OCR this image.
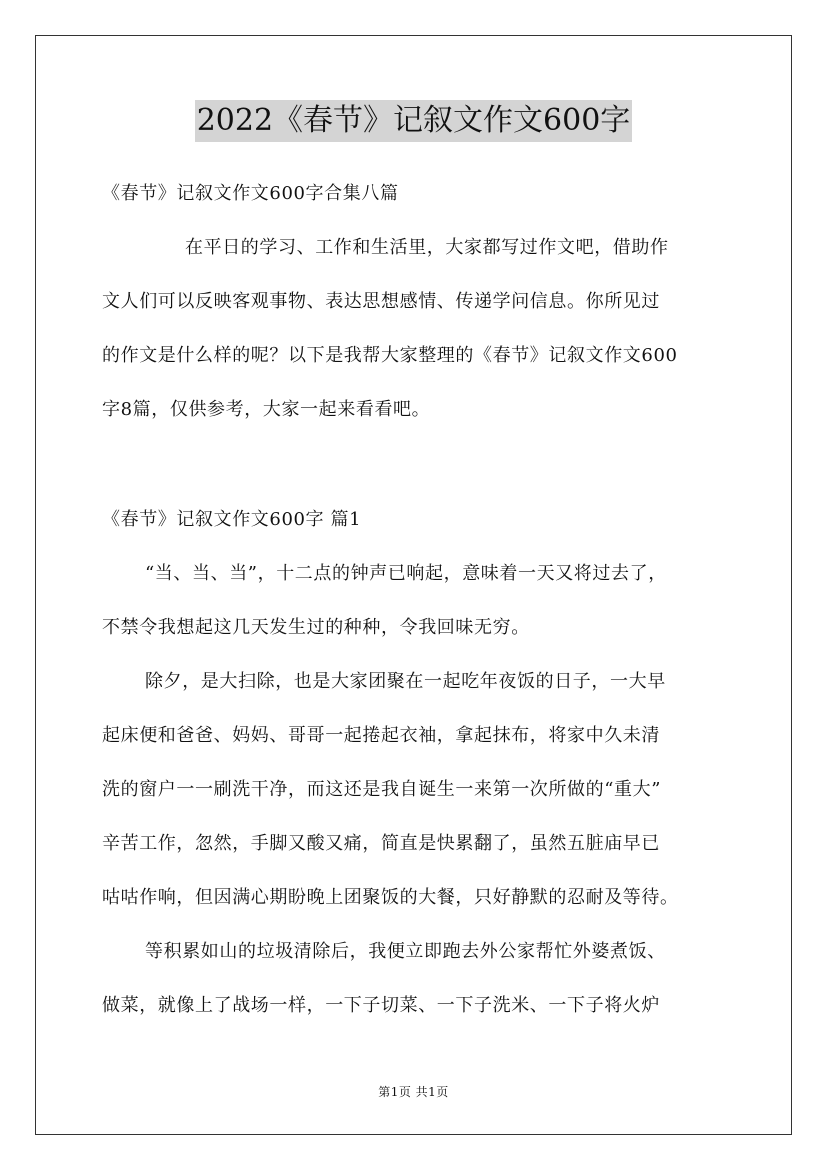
2022《春节》记叙文作文600字
《春节》记叙文作文600字合集八篇
在平日的学习、工作和生活里，大家都写过作文吧，借助作
文人们可以反映客观事物、表达思想感情、传递学问信息。你所见过
的作文是什么样的呢？以下是我帮大家整理的《春节》记叙文作文600
字8篇，仅供参考，大家一起来看看吧。
《春节》记叙文作文600字 篇1
“当、当、当”，十二点的钟声已响起，意味着一天又将过去了，
不禁令我想起这几天发生过的种种，令我回味无穷。
除夕，是大扫除，也是大家团聚在一起吃年夜饭的日子，一大早
起床便和爸爸、妈妈、哥哥一起捲起衣袖，拿起抹布，将家中久未清
洗的窗户一一刷洗干净，而这还是我自诞生一来第一次所做的“重大”
辛苦工作，忽然，手脚又酸又痛，简直是快累翻了，虽然五脏庙早已
咕咕作响，但因满心期盼晚上团聚饭的大餐，只好静默的忍耐及等待。
等积累如山的垃圾清除后，我便立即跑去外公家帮忙外婆煮饭、
做菜，就像上了战场一样，一下子切菜、一下子洗米、一下子将火炉
第1页 共1页
